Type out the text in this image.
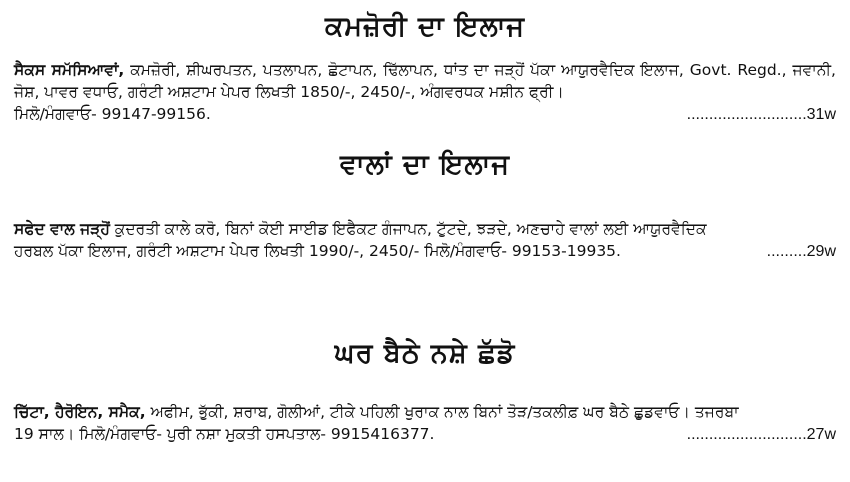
ਕਮਜ਼ੋਰੀ ਦਾ ਇਲਾਜ
ਸੈਕਸ ਸਮੱਸਿਆਵਾਂ, ਕਮਜ਼ੋਰੀ, ਸ਼ੀਘਰਪਤਨ, ਪਤਲਾਪਨ, ਛੋਟਾਪਨ, ਢਿੱਲਾਪਨ, ਧਾਂਤ ਦਾ ਜੜ੍ਹੋਂ ਪੱਕਾ ਆਯੁਰਵੈਦਿਕ ਇਲਾਜ, Govt. Regd., ਜਵਾਨੀ, ਜੋਸ਼, ਪਾਵਰ ਵਧਾਓ, ਗਰੰਟੀ ਅਸ਼ਟਾਮ ਪੇਪਰ ਲਿਖਤੀ 1850/-, 2450/-, ਅੰਗਵਰਧਕ ਮਸ਼ੀਨ ਫ੍ਰੀ।
ਮਿਲੋ/ਮੰਗਵਾਓ- 99147-99156.	...........................31w
ਵਾਲਾਂ ਦਾ ਇਲਾਜ
ਸਫੇਦ ਵਾਲ ਜੜ੍ਹੋਂ ਕੁਦਰਤੀ ਕਾਲੇ ਕਰੋ, ਬਿਨਾਂ ਕੋਈ ਸਾਈਡ ਇਫੈਕਟ ਗੰਜਾਪਨ, ਟੁੱਟਦੇ, ਝੜਦੇ, ਅਣਚਾਹੇ ਵਾਲਾਂ ਲਈ ਆਯੁਰਵੈਦਿਕ
ਹਰਬਲ ਪੱਕਾ ਇਲਾਜ, ਗਰੰਟੀ ਅਸ਼ਟਾਮ ਪੇਪਰ ਲਿਖਤੀ 1990/-, 2450/- ਮਿਲੋ/ਮੰਗਵਾਓ- 99153-19935.	.........29w
ਘਰ ਬੈਠੇ ਨਸ਼ੇ ਛੱਡੋ
ਚਿੱਟਾ, ਹੈਰੋਇਨ, ਸਮੈਕ, ਅਫੀਮ, ਭੁੱਕੀ, ਸ਼ਰਾਬ, ਗੋਲੀਆਂ, ਟੀਕੇ ਪਹਿਲੀ ਖੁਰਾਕ ਨਾਲ ਬਿਨਾਂ ਤੋੜ/ਤਕਲੀਫ਼ ਘਰ ਬੈਠੇ ਛੁਡਵਾਓ। ਤਜਰਬਾ
19 ਸਾਲ। ਮਿਲੋ/ਮੰਗਵਾਓ- ਪੁਰੀ ਨਸ਼ਾ ਮੁਕਤੀ ਹਸਪਤਾਲ- 9915416377.	...........................27w
